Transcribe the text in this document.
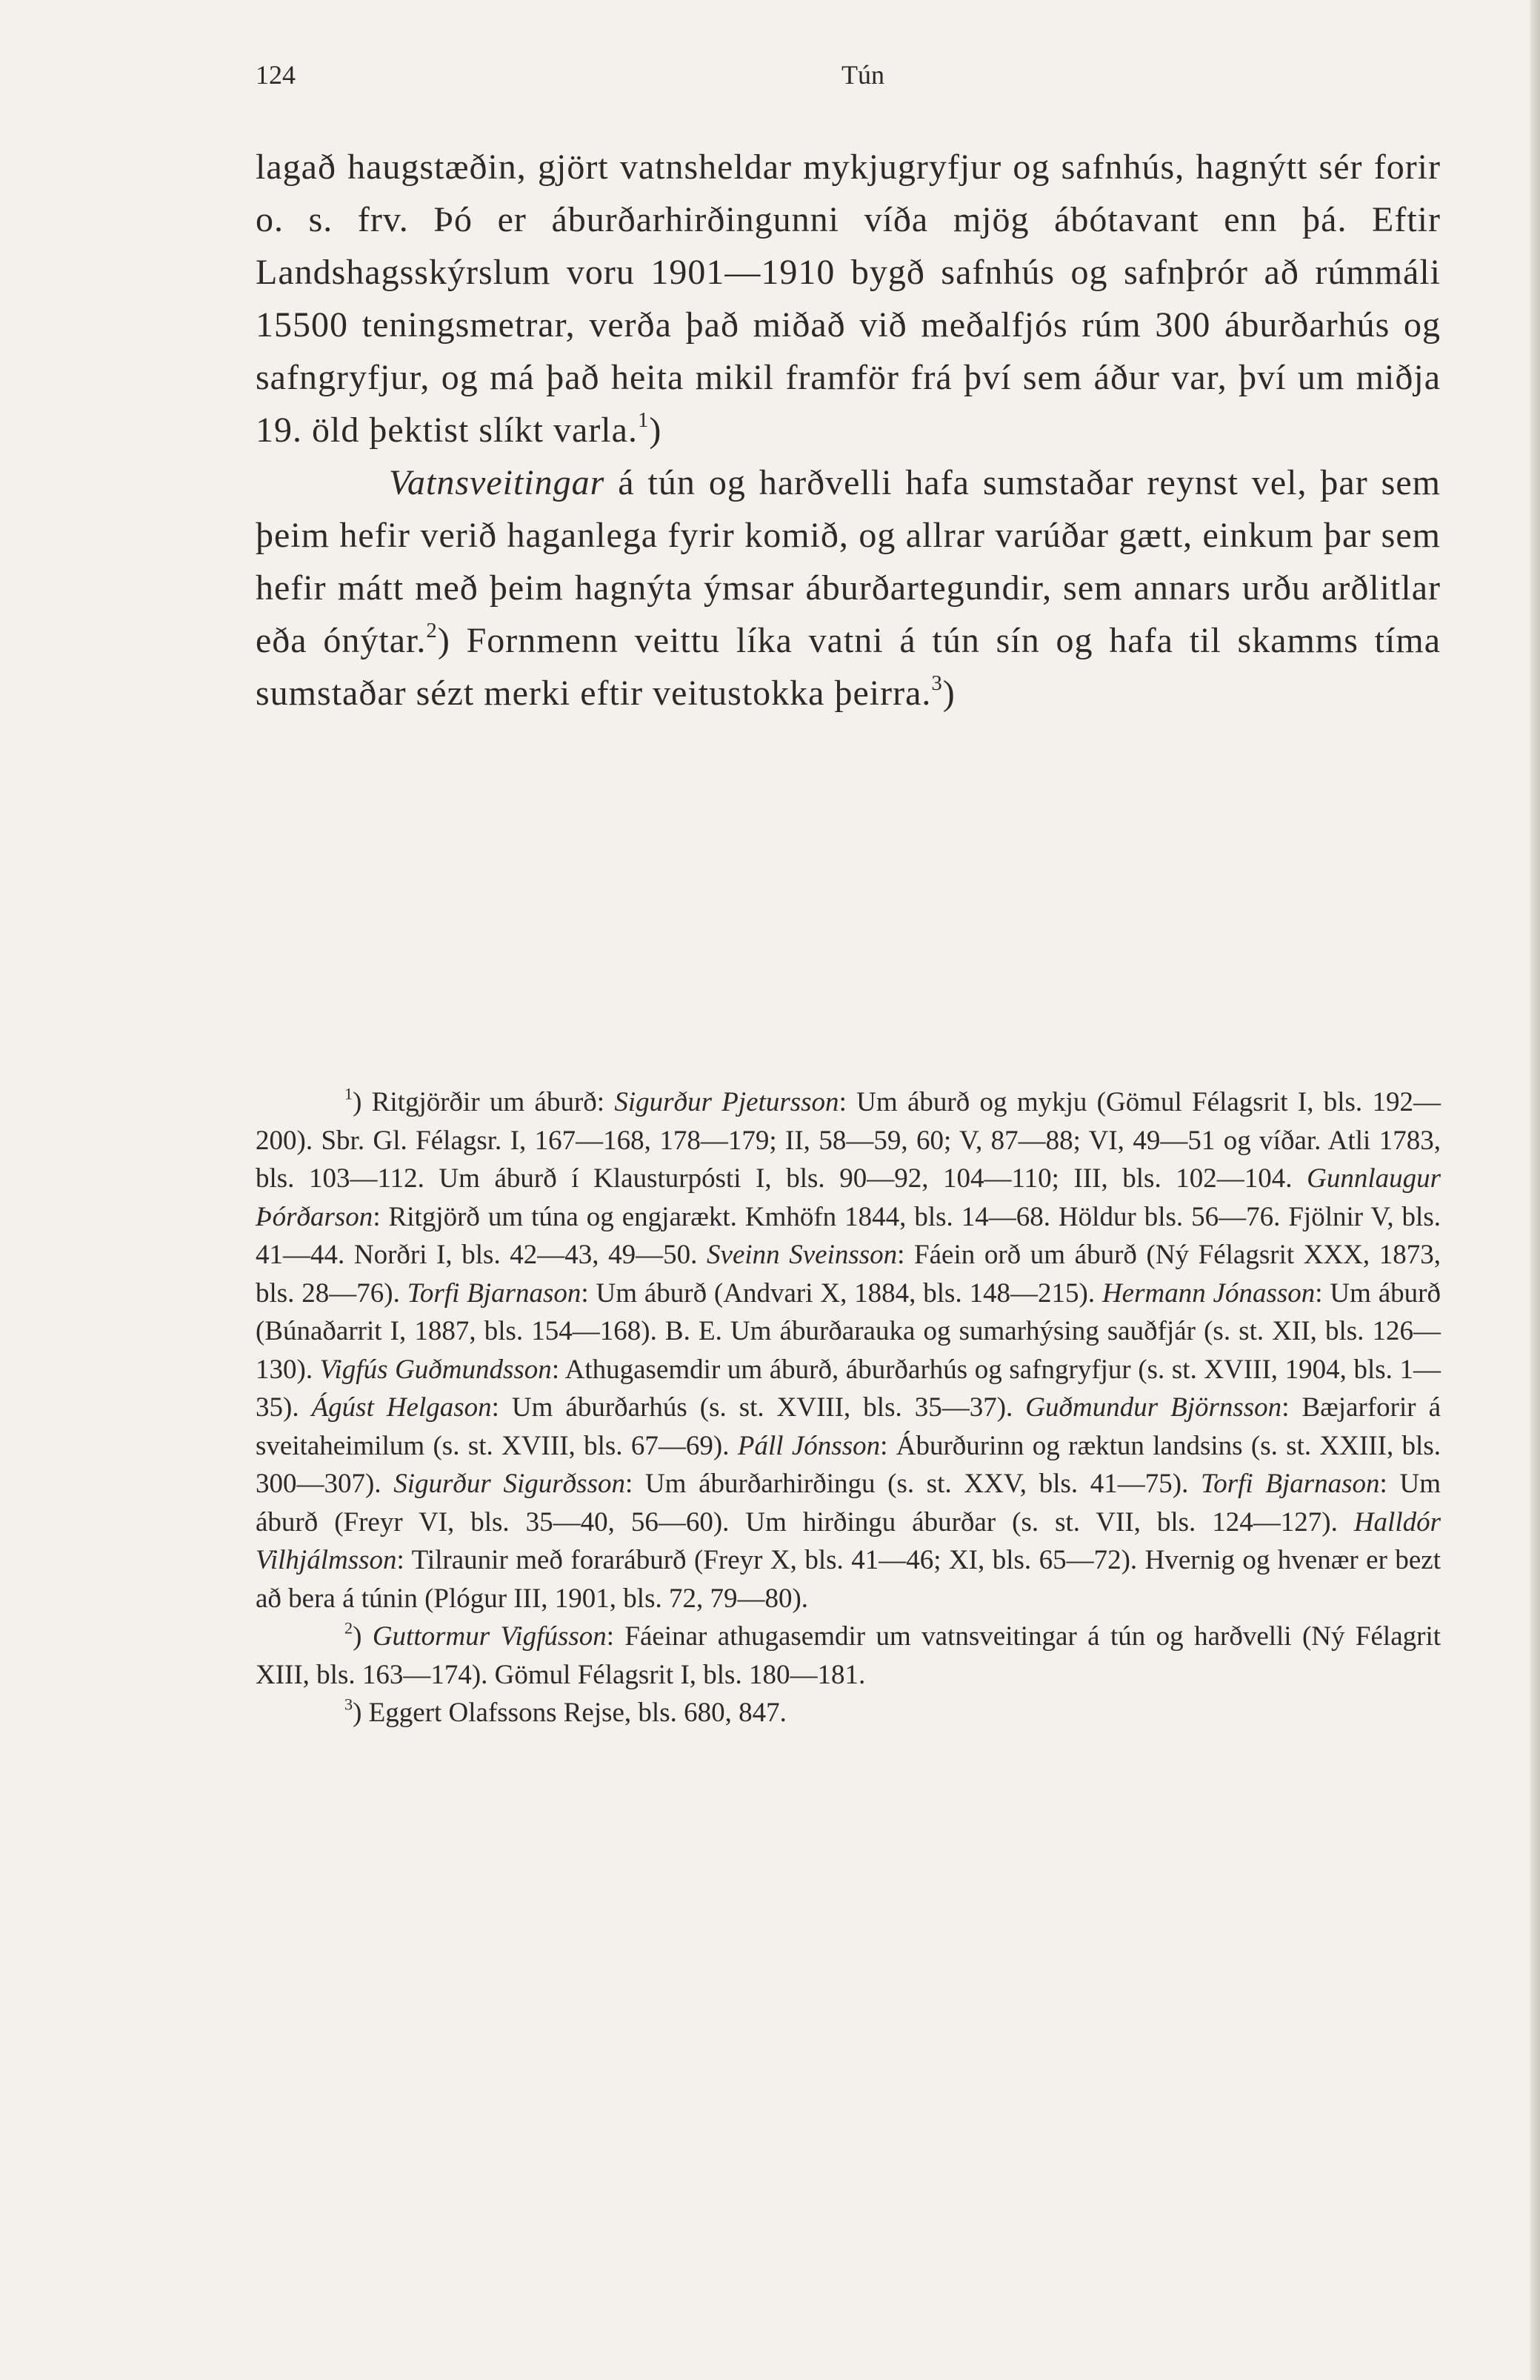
124	Tún

lagað haugstæðin, gjört vatnsheldar mykjugryfjur og safnhús, hagnýtt sér forir o. s. frv. Þó er áburðarhirðingunni víða mjög ábótavant enn þá. Eftir Landshagsskýrslum voru 1901—1910 bygð safnhús og safnþrór að rúmmáli 15500 teningsmetrar, verða það miðað við meðalfjós rúm 300 áburðarhús og safngryfjur, og má það heita mikil framför frá því sem áður var, því um miðja 19. öld þektist slíkt varla.$^1$)

Vatnsveitingar á tún og harðvelli hafa sumstaðar reynst vel, þar sem þeim hefir verið haganlega fyrir komið, og allrar varúðar gætt, einkum þar sem hefir mátt með þeim hagnýta ýmsar áburðartegundir, sem annars urðu arðlitlar eða ónýtar.$^2$) Fornmenn veittu líka vatni á tún sín og hafa til skamms tíma sumstaðar sézt merki eftir veitustokka þeirra.$^3$)

$^1$) Ritgjörðir um áburð: Sigurður Pjetursson: Um áburð og mykju (Gömul Félagsrit I, bls. 192—200). Sbr. Gl. Félagsr. I, 167—168, 178—179; II, 58—59, 60; V, 87—88; VI, 49—51 og víðar. Atli 1783, bls. 103—112. Um áburð í Klausturpósti I, bls. 90—92, 104—110; III, bls. 102—104. Gunnlaugur Þórðarson: Ritgjörð um túna og engjarækt. Kmhöfn 1844, bls. 14—68. Höldur bls. 56—76. Fjölnir V, bls. 41—44. Norðri I, bls. 42—43, 49—50. Sveinn Sveinsson: Fáein orð um áburð (Ný Félagsrit XXX, 1873, bls. 28—76). Torfi Bjarnason: Um áburð (Andvari X, 1884, bls. 148—215). Hermann Jónasson: Um áburð (Búnaðarrit I, 1887, bls. 154—168). B. E. Um áburðarauka og sumarhýsing sauðfjár (s. st. XII, bls. 126—130). Vigfús Guðmundsson: Athugasemdir um áburð, áburðarhús og safngryfjur (s. st. XVIII, 1904, bls. 1—35). Ágúst Helgason: Um áburðarhús (s. st. XVIII, bls. 35—37). Guðmundur Björnsson: Bæjarforir á sveitaheimilum (s. st. XVIII, bls. 67—69). Páll Jónsson: Áburðurinn og ræktun landsins (s. st. XXIII, bls. 300—307). Sigurður Sigurðsson: Um áburðarhirðingu (s. st. XXV, bls. 41—75). Torfi Bjarnason: Um áburð (Freyr VI, bls. 35—40, 56—60). Um hirðingu áburðar (s. st. VII, bls. 124—127). Halldór Vilhjálmsson: Tilraunir með foraráburð (Freyr X, bls. 41—46; XI, bls. 65—72). Hvernig og hvenær er bezt að bera á túnin (Plógur III, 1901, bls. 72, 79—80).

$^2$) Guttormur Vigfússon: Fáeinar athugasemdir um vatnsveitingar á tún og harðvelli (Ný Félagrit XIII, bls. 163—174). Gömul Félagsrit I, bls. 180—181.

$^3$) Eggert Olafssons Rejse, bls. 680, 847.
